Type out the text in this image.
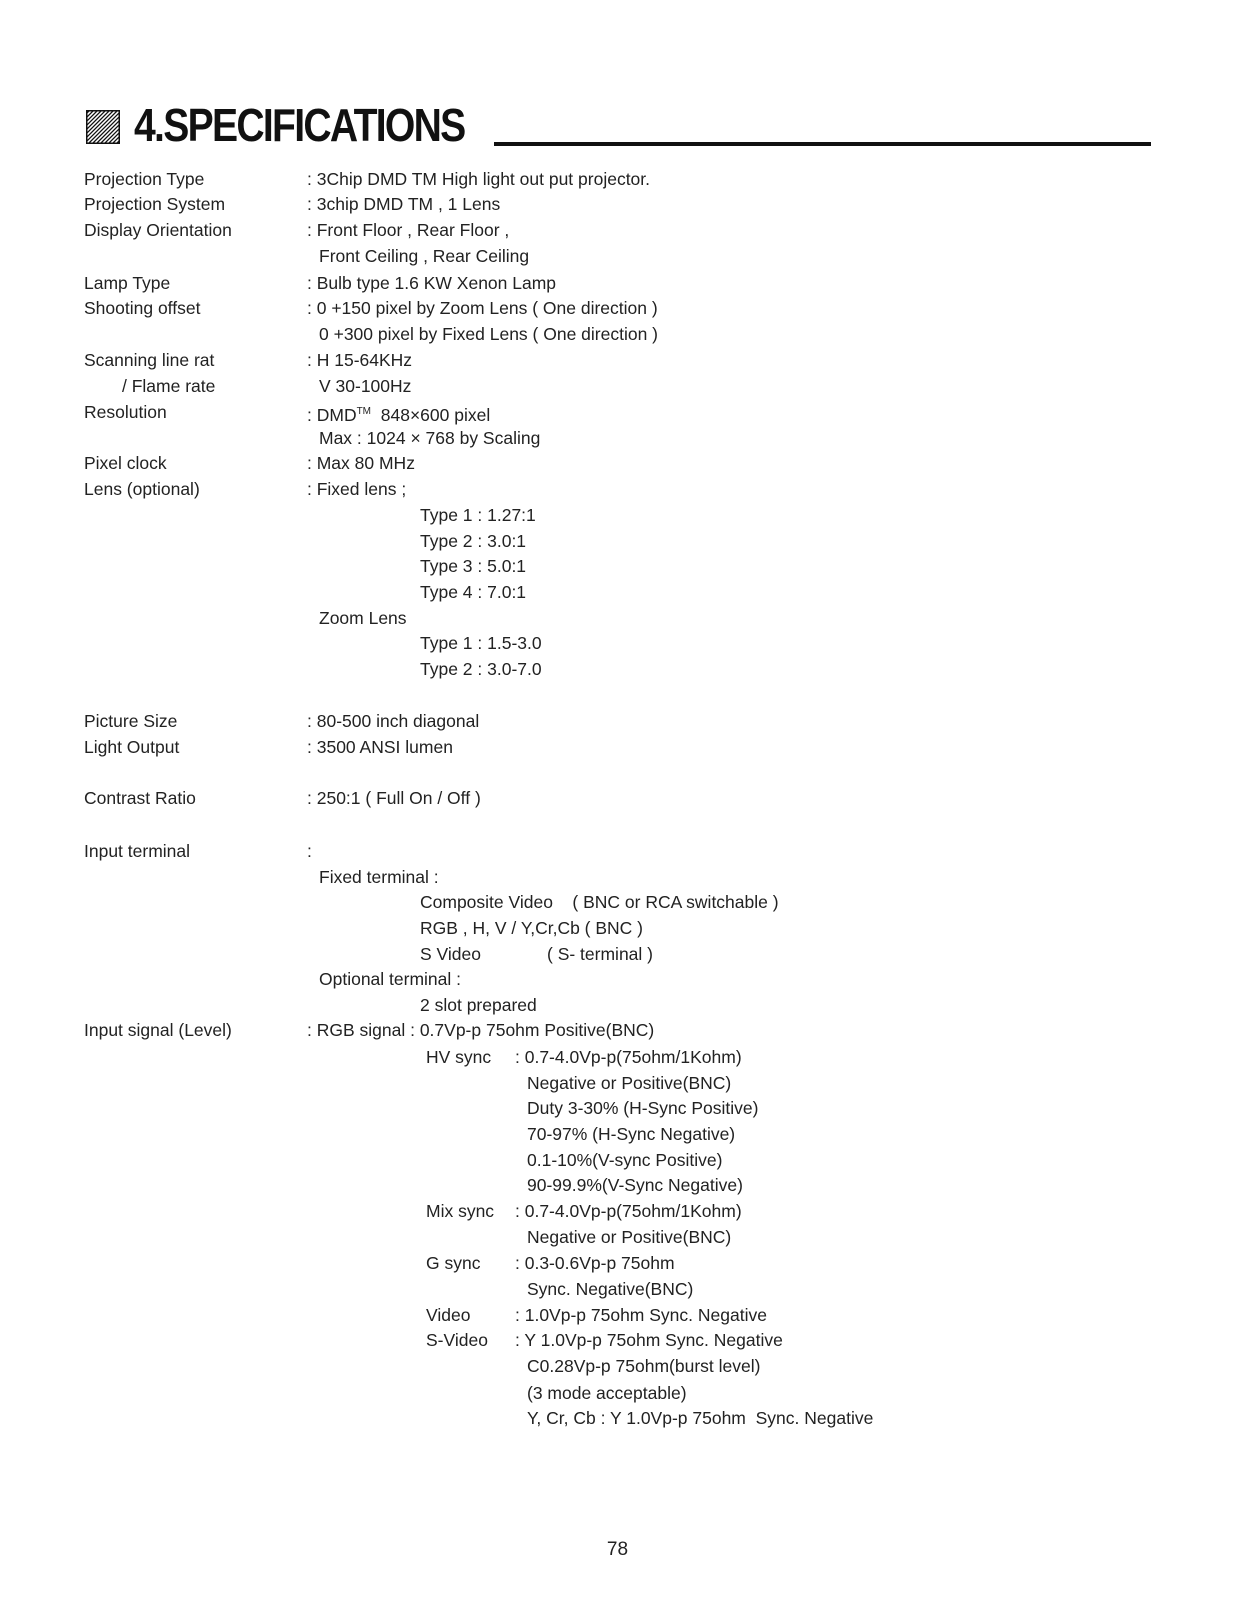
4.SPECIFICATIONS
Projection Type
Projection System
Display Orientation
Lamp Type
Shooting offset
Scanning line rat
/ Flame rate
Resolution
Pixel clock
Lens (optional)
Picture Size
Light Output
Contrast Ratio
Input terminal
Input signal (Level)
: 3Chip DMD TM High light out put projector.
: 3chip DMD TM , 1 Lens
: Front Floor , Rear Floor ,
Front Ceiling , Rear Ceiling
: Bulb type 1.6 KW Xenon Lamp
: 0 +150 pixel by Zoom Lens ( One direction )
0 +300 pixel by Fixed Lens ( One direction )
: H 15-64KHz
V 30-100Hz
: DMD™  848×600 pixel
Max : 1024 × 768 by Scaling
: Max 80 MHz
: Fixed lens ;
Type 1 : 1.27:1
Type 2 : 3.0:1
Type 3 : 5.0:1
Type 4 : 7.0:1
Zoom Lens
Type 1 : 1.5-3.0
Type 2 : 3.0-7.0
: 80-500 inch diagonal
: 3500 ANSI lumen
: 250:1 ( Full On / Off )
:
Fixed terminal :
Composite Video    ( BNC or RCA switchable )
RGB , H, V / Y,Cr,Cb ( BNC )
S Video	( S- terminal )
Optional terminal :
2 slot prepared
: RGB signal : 0.7Vp-p 75ohm Positive(BNC)
HV sync
Mix sync
G sync
Video
S-Video
: 0.7-4.0Vp-p(75ohm/1Kohm)
Negative or Positive(BNC)
Duty 3-30% (H-Sync Positive)
70-97% (H-Sync Negative)
0.1-10%(V-sync Positive)
90-99.9%(V-Sync Negative)
: 0.7-4.0Vp-p(75ohm/1Kohm)
Negative or Positive(BNC)
: 0.3-0.6Vp-p 75ohm
Sync. Negative(BNC)
: 1.0Vp-p 75ohm Sync. Negative
: Y 1.0Vp-p 75ohm Sync. Negative
C0.28Vp-p 75ohm(burst level)
(3 mode acceptable)
Y, Cr, Cb : Y 1.0Vp-p 75ohm  Sync. Negative
78
